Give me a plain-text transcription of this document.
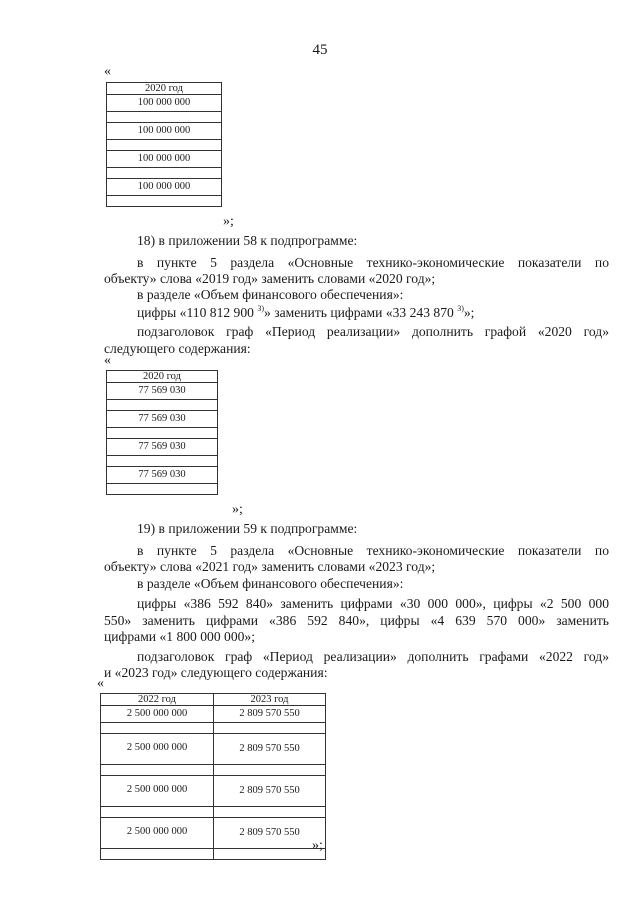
45
«
2020 год
100 000 000

100 000 000

100 000 000

100 000 000

»;
18) в приложении 58 к подпрограмме:
в пункте 5 раздела «Основные технико-экономические показатели по
объекту» слова «2019 год» заменить словами «2020 год»;
в разделе «Объем финансового обеспечения»:
цифры «110 812 900 $^{3)}$» заменить цифрами «33 243 870 $^{3)}$»;
подзаголовок граф «Период реализации» дополнить графой «2020 год»
следующего содержания:
«
2020 год
77 569 030

77 569 030

77 569 030

77 569 030

»;
19) в приложении 59 к подпрограмме:
в пункте 5 раздела «Основные технико-экономические показатели по
объекту» слова «2021 год» заменить словами «2023 год»;
в разделе «Объем финансового обеспечения»:
цифры «386 592 840» заменить цифрами «30 000 000», цифры «2 500 000
550» заменить цифрами «386 592 840», цифры «4 639 570 000» заменить
цифрами «1 800 000 000»;
подзаголовок граф «Период реализации» дополнить графами «2022 год»
и «2023 год» следующего содержания:
«
2022 год	2023 год
2 500 000 000	2 809 570 550

2 500 000 000	2 809 570 550

2 500 000 000	2 809 570 550

2 500 000 000	2 809 570 550

»;
